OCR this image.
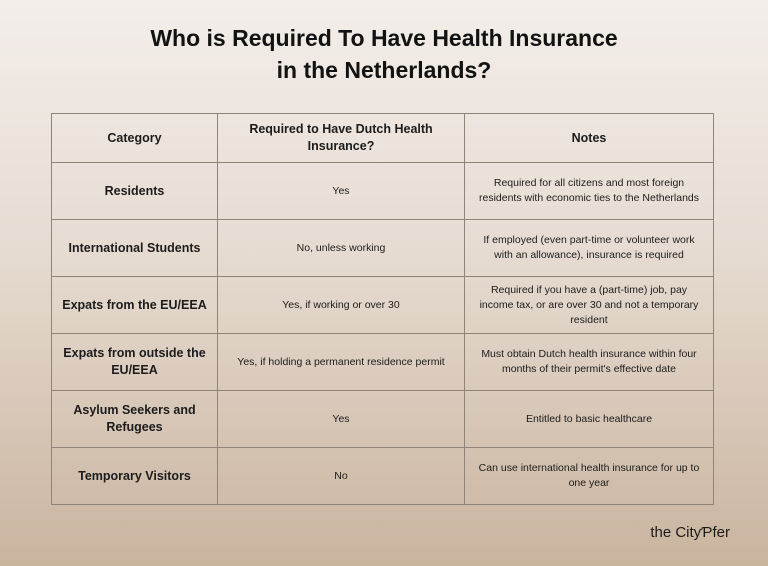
Who is Required To Have Health Insurance
in the Netherlands?
Category	Required to Have Dutch Health Insurance?	Notes
Residents	Yes	Required for all citizens and most foreign residents with economic ties to the Netherlands
International Students	No, unless working	If employed (even part-time or volunteer work with an allowance), insurance is required
Expats from the EU/EEA	Yes, if working or over 30	Required if you have a (part-time) job, pay income tax, or are over 30 and not a temporary resident
Expats from outside the EU/EEA	Yes, if holding a permanent residence permit	Must obtain Dutch health insurance within four months of their permit's effective date
Asylum Seekers and Refugees	Yes	Entitled to basic healthcare
Temporary Visitors	No	Can use international health insurance for up to one year
the CityƤfer
